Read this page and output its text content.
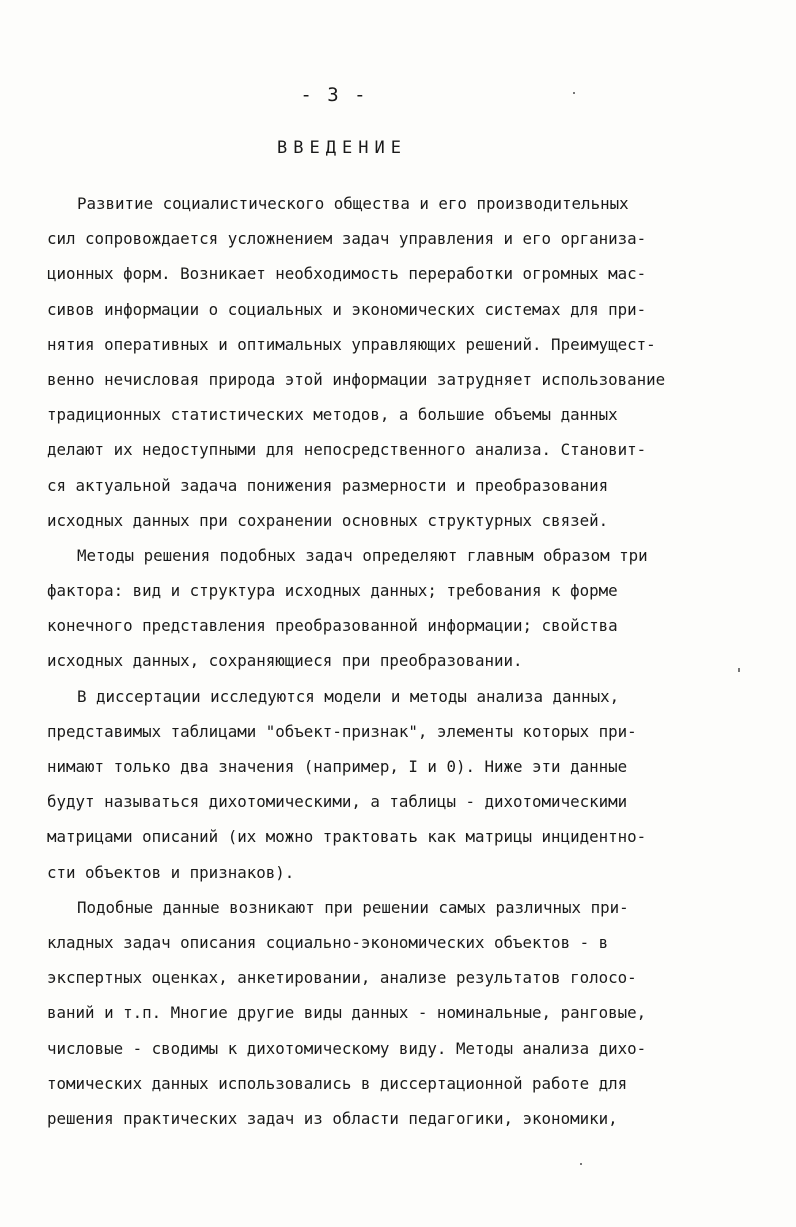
- 3 -
ВВЕДЕНИЕ
Развитие социалистического общества и его производительных
сил сопровождается усложнением задач управления и его организа-
ционных форм. Возникает необходимость переработки огромных мас-
сивов информации о социальных и экономических системах для при-
нятия оперативных и оптимальных управляющих решений. Преимущест-
венно нечисловая природа этой информации затрудняет использование
традиционных статистических методов, а большие объемы данных
делают их недоступными для непосредственного анализа. Становит-
ся актуальной задача понижения размерности и преобразования
исходных данных при сохранении основных структурных связей.
Методы решения подобных задач определяют главным образом три
фактора: вид и структура исходных данных; требования к форме
конечного представления преобразованной информации; свойства
исходных данных, сохраняющиеся при преобразовании.
В диссертации исследуются модели и методы анализа данных,
представимых таблицами "объект-признак", элементы которых при-
нимают только два значения (например, I и 0). Ниже эти данные
будут называться дихотомическими, а таблицы - дихотомическими
матрицами описаний (их можно трактовать как матрицы инцидентно-
сти объектов и признаков).
Подобные данные возникают при решении самых различных при-
кладных задач описания социально-экономических объектов - в
экспертных оценках, анкетировании, анализе результатов голосо-
ваний и т.п. Многие другие виды данных - номинальные, ранговые,
числовые - сводимы к дихотомическому виду. Методы анализа дихо-
томических данных использовались в диссертационной работе для
решения практических задач из области педагогики, экономики,
